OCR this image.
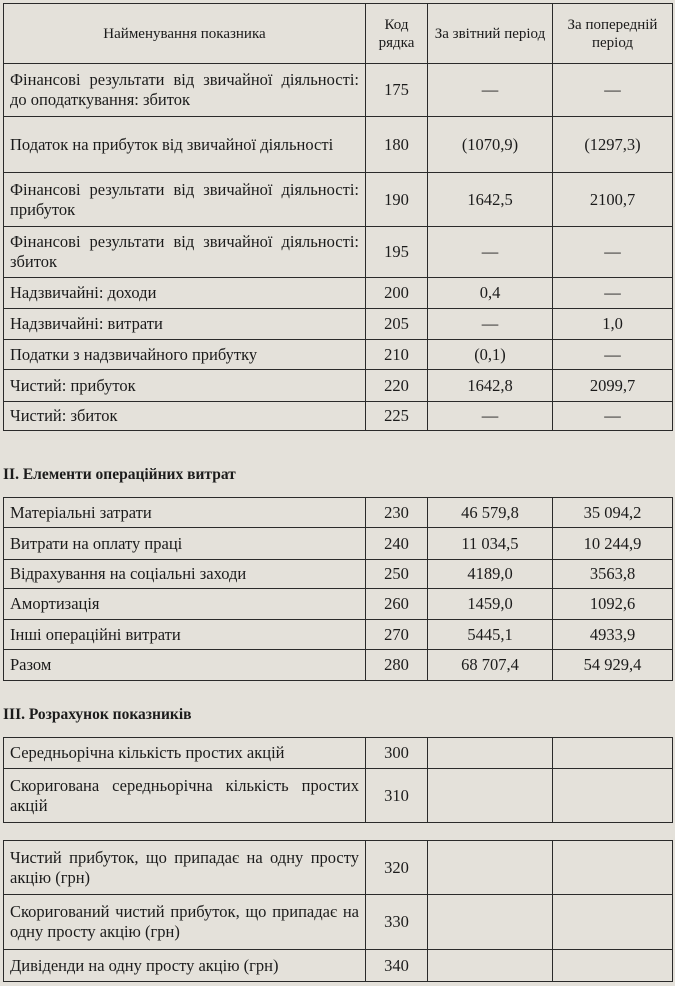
Найменування показника	Код рядка	За звітний період	За попередній період
Фінансові результати від звичайної діяльності: до оподаткування: збиток	175	—	—
Податок на прибуток від звичайної діяльності	180	(1070,9)	(1297,3)
Фінансові результати від звичайної діяльності: прибуток	190	1642,5	2100,7
Фінансові результати від звичайної діяльності: збиток	195	—	—
Надзвичайні: доходи	200	0,4	—
Надзвичайні: витрати	205	—	1,0
Податки з надзвичайного прибутку	210	(0,1)	—
Чистий: прибуток	220	1642,8	2099,7
Чистий: збиток	225	—	—
II. Елементи операційних витрат
Матеріальні затрати	230	46 579,8	35 094,2
Витрати на оплату праці	240	11 034,5	10 244,9
Відрахування на соціальні заходи	250	4189,0	3563,8
Амортизація	260	1459,0	1092,6
Інші операційні витрати	270	5445,1	4933,9
Разом	280	68 707,4	54 929,4
III. Розрахунок показників
Середньорічна кількість простих акцій	300		
Скоригована середньорічна кількість простих акцій	310		
Чистий прибуток, що припадає на одну просту акцію (грн)	320		
Скоригований чистий прибуток, що припадає на одну просту акцію (грн)	330		
Дивіденди на одну просту акцію (грн)	340		
